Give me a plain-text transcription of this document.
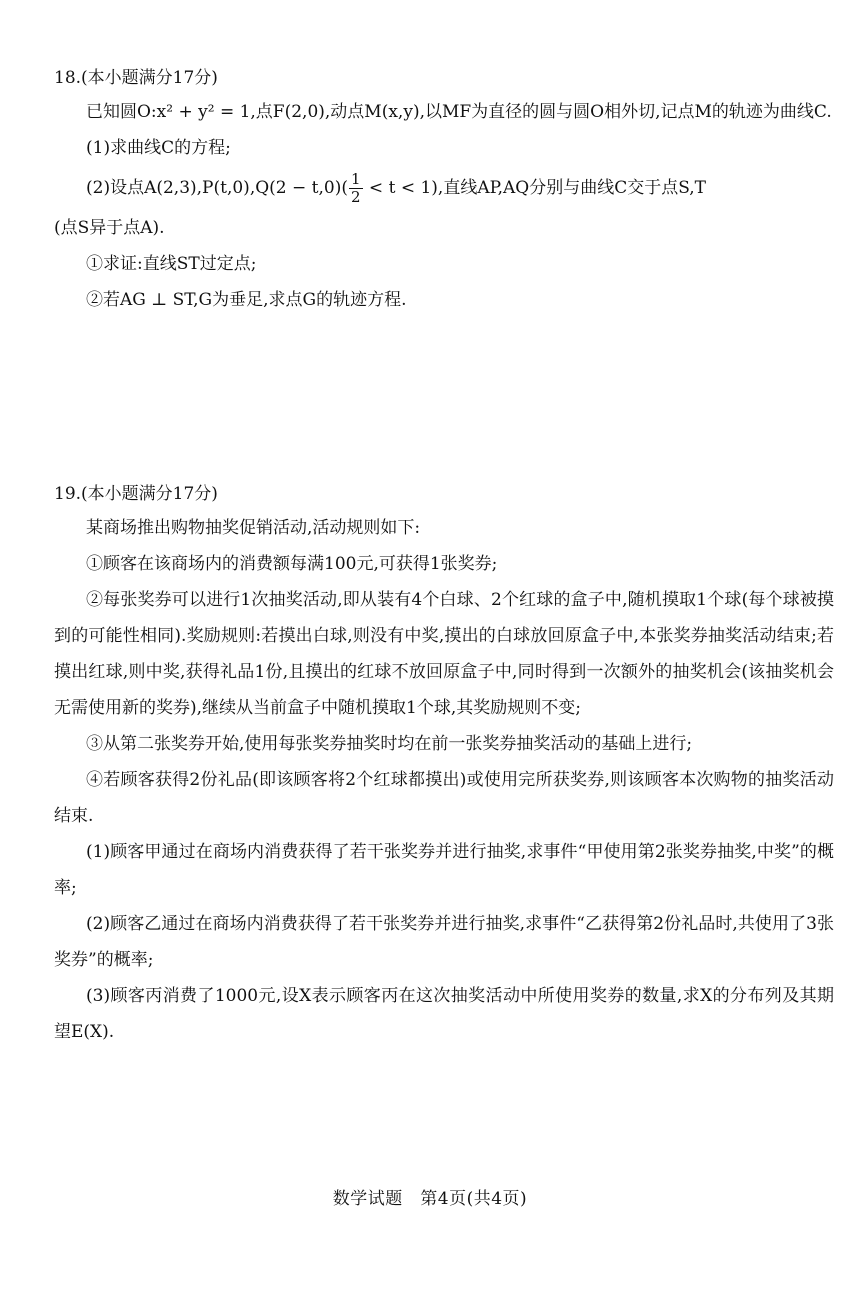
18.(本小题满分17分)

已知圆O:x² + y² = 1,点F(2,0),动点M(x,y),以MF为直径的圆与圆O相外切,记点M的轨迹为曲线C.

(1)求曲线C的方程;

(2)设点$A(2,3),P(t,0),Q(2 - t,0)( \frac{1}{2} < t < 1)$,直线AP,AQ分别与曲线C交于点S,T

(点S异于点A).

①求证:直线ST过定点;

②若AG ⊥ ST,G为垂足,求点G的轨迹方程.

19.(本小题满分17分)

某商场推出购物抽奖促销活动,活动规则如下:

①顾客在该商场内的消费额每满100元,可获得1张奖券;

②每张奖券可以进行1次抽奖活动,即从装有4个白球、2个红球的盒子中,随机摸取1个球(每个球被摸到的可能性相同).奖励规则:若摸出白球,则没有中奖,摸出的白球放回原盒子中,本张奖券抽奖活动结束;若摸出红球,则中奖,获得礼品1份,且摸出的红球不放回原盒子中,同时得到一次额外的抽奖机会(该抽奖机会无需使用新的奖券),继续从当前盒子中随机摸取1个球,其奖励规则不变;

③从第二张奖券开始,使用每张奖券抽奖时均在前一张奖券抽奖活动的基础上进行;

④若顾客获得2份礼品(即该顾客将2个红球都摸出)或使用完所获奖券,则该顾客本次购物的抽奖活动结束.

(1)顾客甲通过在商场内消费获得了若干张奖券并进行抽奖,求事件“甲使用第2张奖券抽奖,中奖”的概率;

(2)顾客乙通过在商场内消费获得了若干张奖券并进行抽奖,求事件“乙获得第2份礼品时,共使用了3张奖券”的概率;

(3)顾客丙消费了1000元,设X表示顾客丙在这次抽奖活动中所使用奖券的数量,求X的分布列及其期望E(X).

数学试题　第4页(共4页)
